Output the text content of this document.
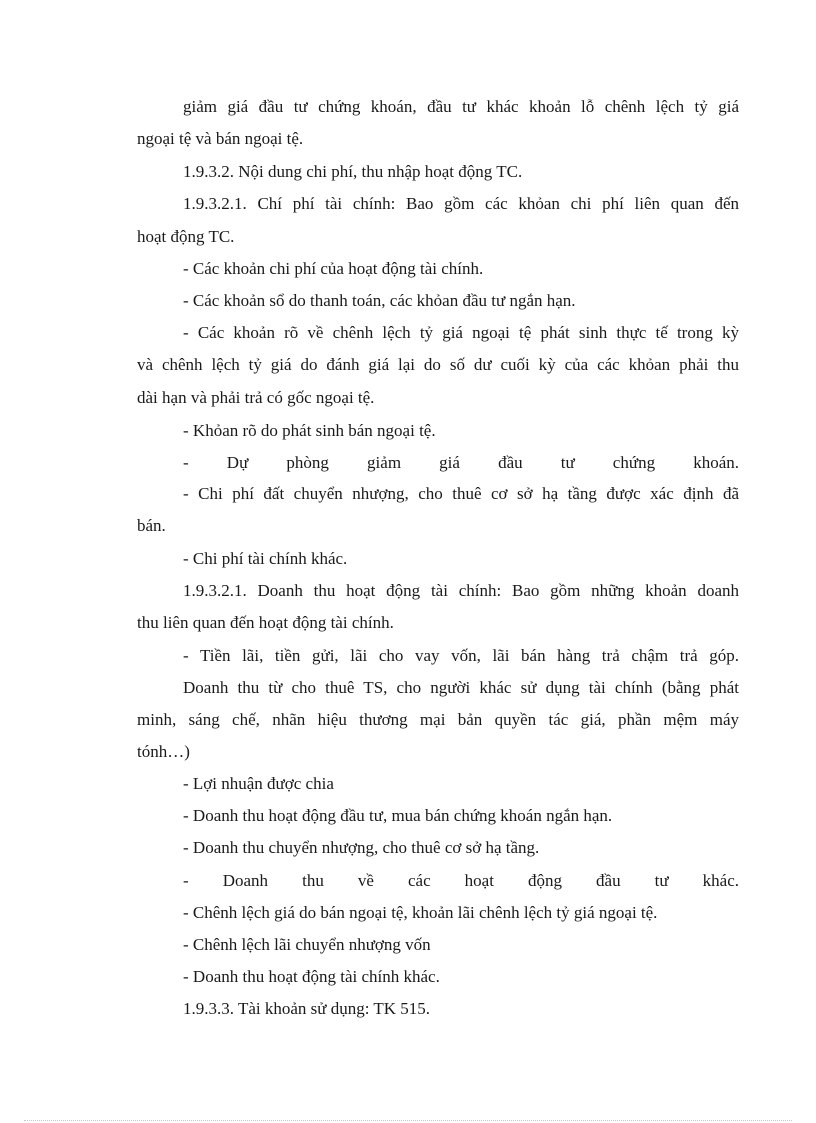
giảm giá đầu tư chứng khoán, đầu tư khác khoản lỗ chênh lệch tỷ giá
ngoại tệ và bán ngoại tệ.
1.9.3.2. Nội dung chi phí, thu nhập hoạt động TC.
1.9.3.2.1. Chí phí tài chính: Bao gồm các khỏan chi phí liên quan đến
hoạt động TC.
- Các khoản chi phí của hoạt động tài chính.
- Các khoản sổ do thanh toán, các khỏan đầu tư ngắn hạn.
- Các khoản rõ về chênh lệch tỷ giá ngoại tệ phát sinh thực tế trong kỳ
và chênh lệch tỷ giá do đánh giá lại do số dư cuối kỳ của các khỏan phải thu
dài hạn và phải trả có gốc ngoại tệ.
- Khỏan rõ do phát sinh bán ngoại tệ.
- Dự phòng giảm giá đầu tư chứng khoán.
- Chi phí đất chuyển nhượng, cho thuê cơ sở hạ tầng được xác định đã
bán.
- Chi phí tài chính khác.
1.9.3.2.1. Doanh thu hoạt động tài chính: Bao gồm những khoản doanh
thu liên quan đến hoạt động tài chính.
- Tiền lãi, tiền gửi, lãi cho vay vốn, lãi bán hàng trả chậm trả góp.
Doanh thu từ cho thuê TS, cho người khác sử dụng tài chính (bằng phát
minh, sáng chế, nhãn hiệu thương mại bản quyền tác giá, phần mệm máy
tónh…)
- Lợi nhuận được chia
- Doanh thu hoạt động đầu tư, mua bán chứng khoán ngắn hạn.
- Doanh thu chuyển nhượng, cho thuê cơ sở hạ tầng.
- Doanh thu về các hoạt động đầu tư khác.
- Chênh lệch giá do bán ngoại tệ, khoản lãi chênh lệch tỷ giá ngoại tệ.
- Chênh lệch lãi chuyển nhượng vốn
- Doanh thu hoạt động tài chính khác.
1.9.3.3. Tài khoản sử dụng: TK 515.
